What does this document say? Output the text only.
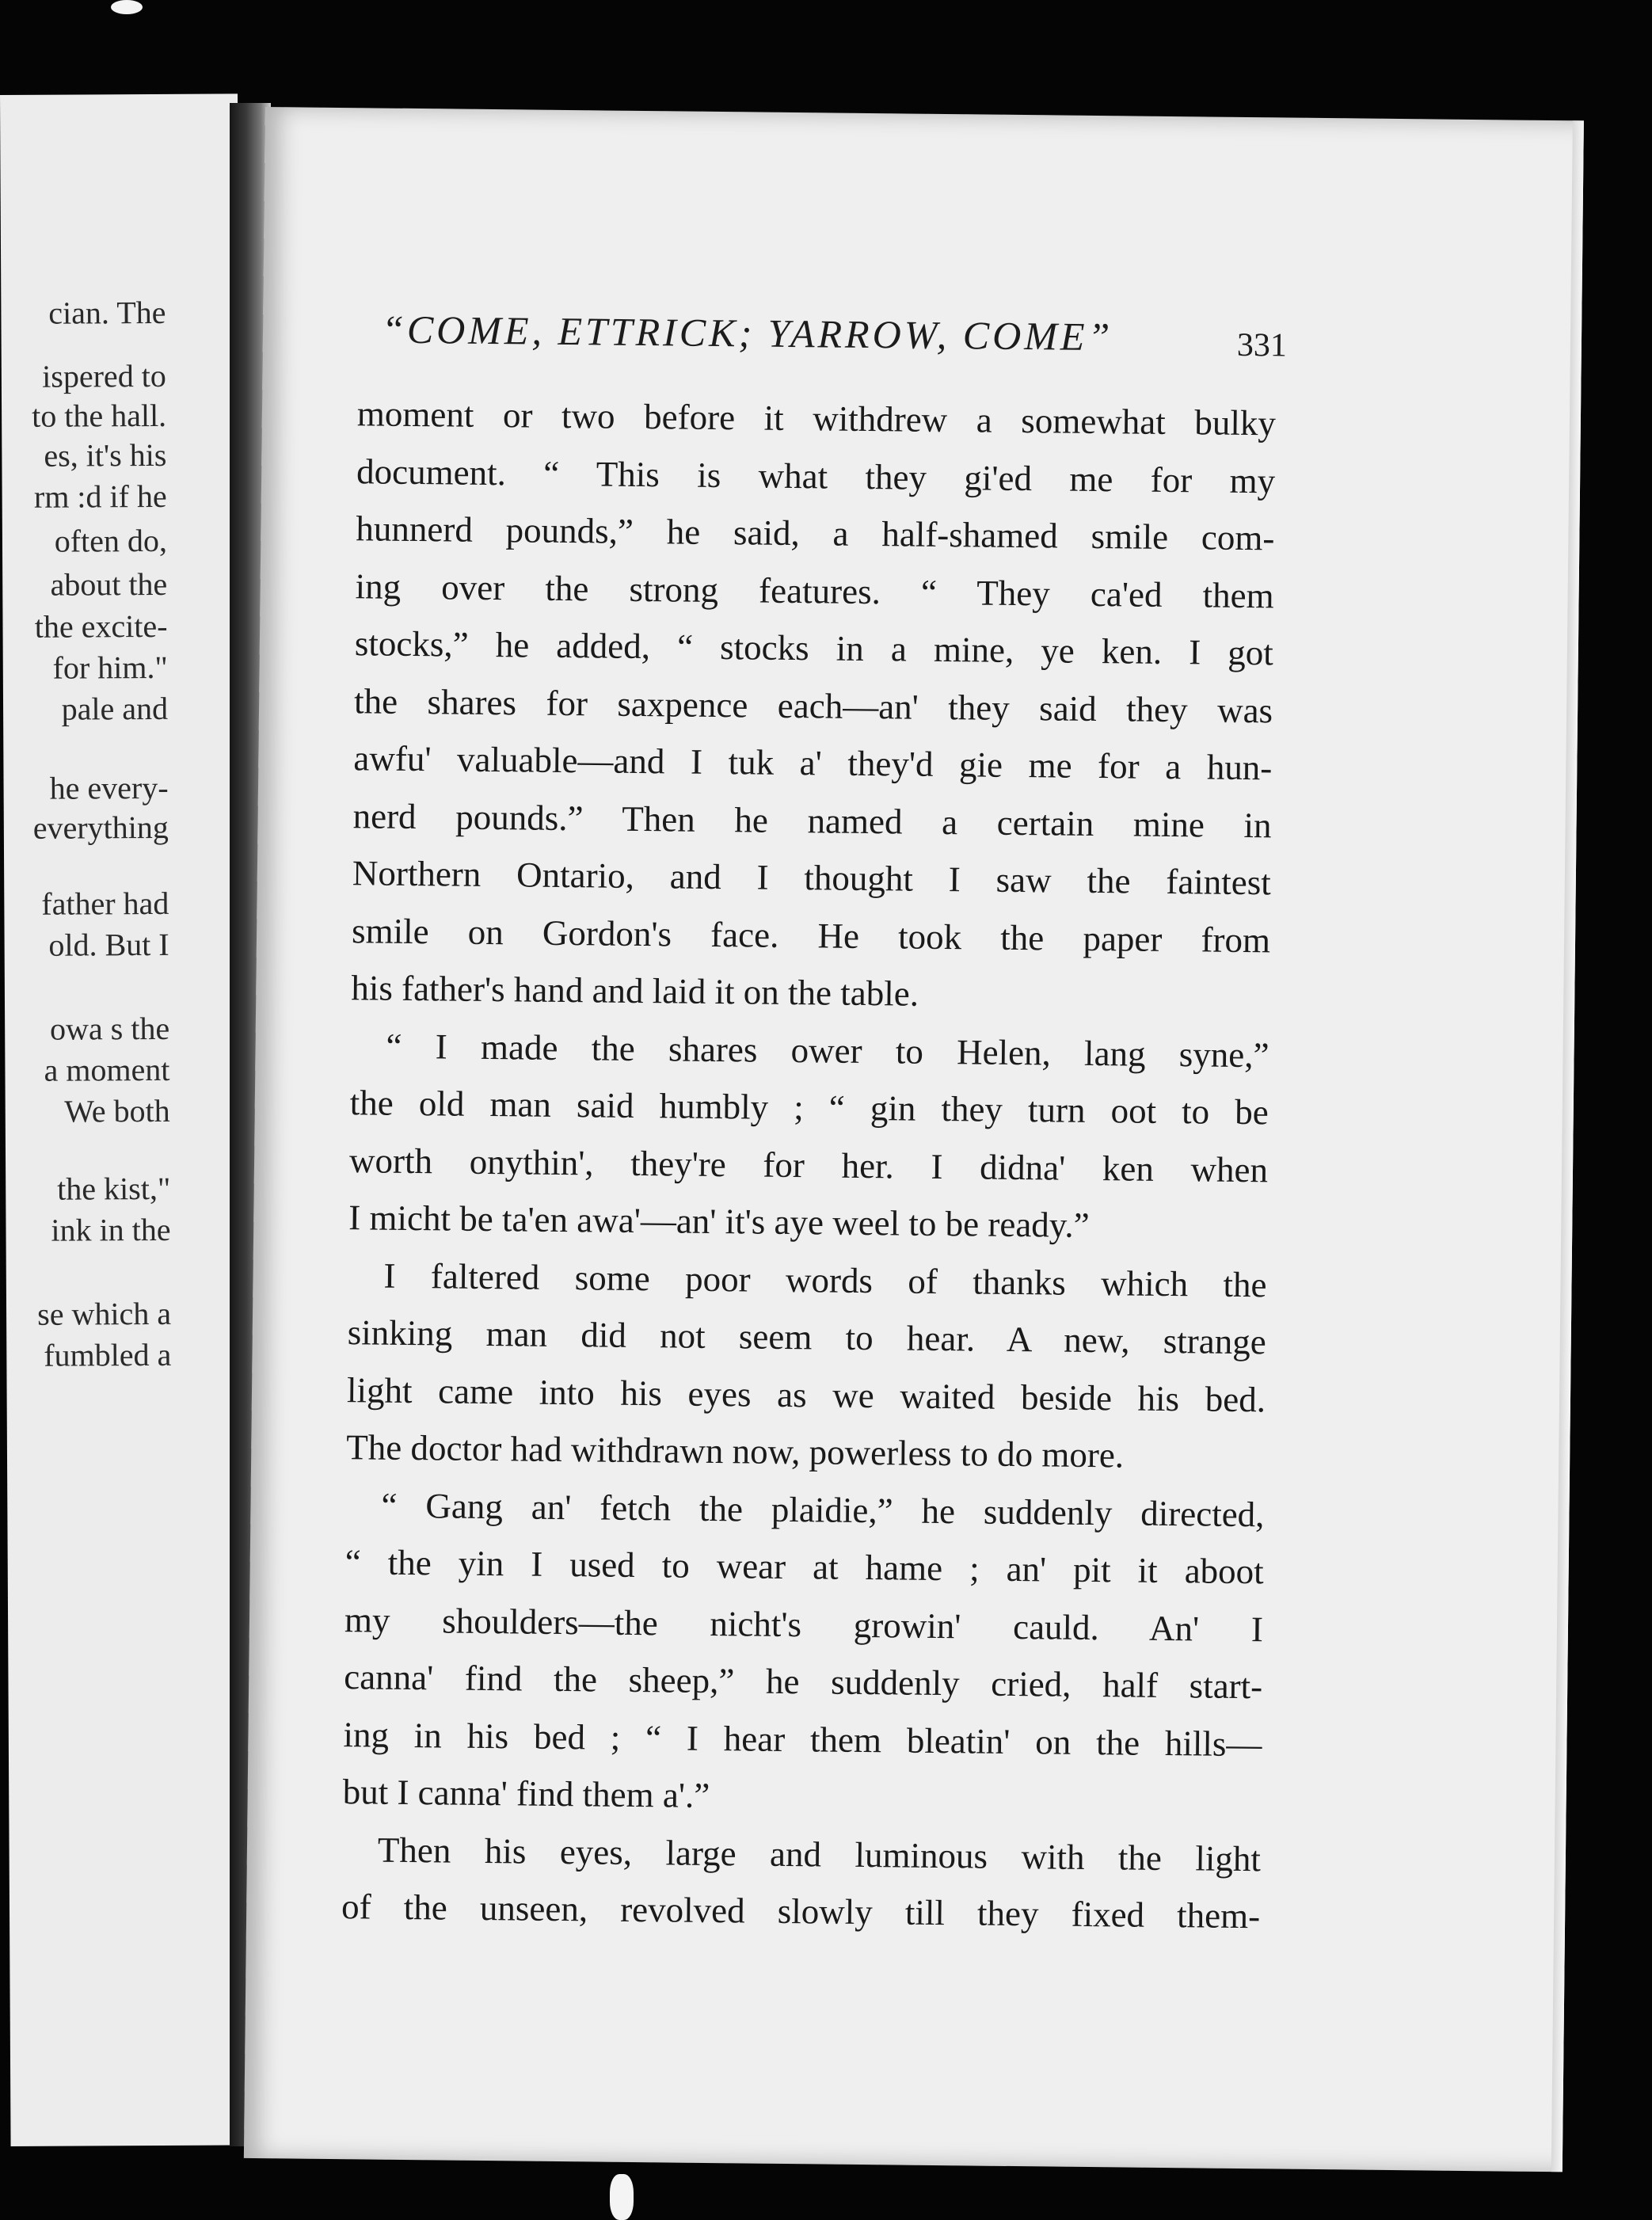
cian. The
ispered to
to the hall.
es, it's his
rm :d if he
often do,
about the
the excite-
for him."
pale and
he every-
everything
father had
old. But I
owa s the
a moment
We both
the kist,"
ink in the
se which a
fumbled a
“COME, ETTRICK; YARROW, COME”	331
moment or two before it withdrew a somewhat bulky
document. “ This is what they gi'ed me for my
hunnerd pounds,” he said, a half-shamed smile com-
ing over the strong features. “ They ca'ed them
stocks,” he added, “ stocks in a mine, ye ken. I got
the shares for saxpence each—an' they said they was
awfu' valuable—and I tuk a' they'd gie me for a hun-
nerd pounds.” Then he named a certain mine in
Northern Ontario, and I thought I saw the faintest
smile on Gordon's face. He took the paper from
his father's hand and laid it on the table.
“ I made the shares ower to Helen, lang syne,”
the old man said humbly ; “ gin they turn oot to be
worth onythin', they're for her. I didna' ken when
I micht be ta'en awa'—an' it's aye weel to be ready.”
I faltered some poor words of thanks which the
sinking man did not seem to hear. A new, strange
light came into his eyes as we waited beside his bed.
The doctor had withdrawn now, powerless to do more.
“ Gang an' fetch the plaidie,” he suddenly directed,
“ the yin I used to wear at hame ; an' pit it aboot
my shoulders—the nicht's growin' cauld. An' I
canna' find the sheep,” he suddenly cried, half start-
ing in his bed ; “ I hear them bleatin' on the hills—
but I canna' find them a'.”
Then his eyes, large and luminous with the light
of the unseen, revolved slowly till they fixed them-
